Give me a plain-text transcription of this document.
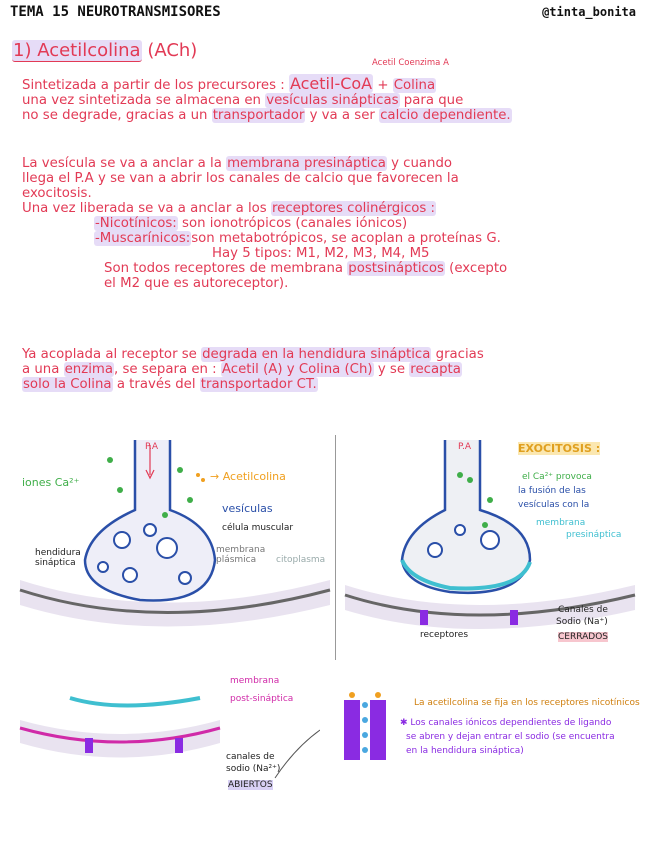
TEMA 15 NEUROTRANSMISORES	@tinta_bonita
1) Acetilcolina (ACh)
Acetil Coenzima A
Sintetizada a partir de los precursores : Acetil-CoA + Colina
una vez sintetizada se almacena en vesículas sinápticas para que
no se degrade, gracias a un transportador y va a ser calcio dependiente.
La vesícula se va a anclar a la membrana presináptica y cuando
llega el P.A y se van a abrir los canales de calcio que favorecen la
exocitosis.
Una vez liberada se va a anclar a los receptores colinérgicos :
-Nicotínicos: son ionotrópicos (canales iónicos)
-Muscarínicos:son metabotrópicos, se acoplan a proteínas G.
Hay 5 tipos: M1, M2, M3, M4, M5
Son todos receptores de membrana postsinápticos (excepto
el M2 que es autoreceptor).
Ya acoplada al receptor se degrada en la hendidura sináptica gracias
a una enzima, se separa en : Acetil (A) y Colina (Ch) y se recapta
solo la Colina a través del transportador CT.
P.A
iones Ca²⁺	→ Acetilcolina
vesículas
célula muscular
membrana
plásmica citoplasma
hendidura
sináptica
P.A	EXOCITOSIS :
el Ca²⁺ provoca
la fusión de las
vesículas con la
membrana
presináptica
receptores
Canales de
Sodio (Na⁺)
CERRADOS
membrana
post-sináptica
canales de
sodio (Na²⁺)
ABIERTOS
La acetilcolina se fija en los receptores nicotínicos
✱ Los canales iónicos dependientes de ligando
se abren y dejan entrar el sodio (se encuentra
en la hendidura sináptica)
